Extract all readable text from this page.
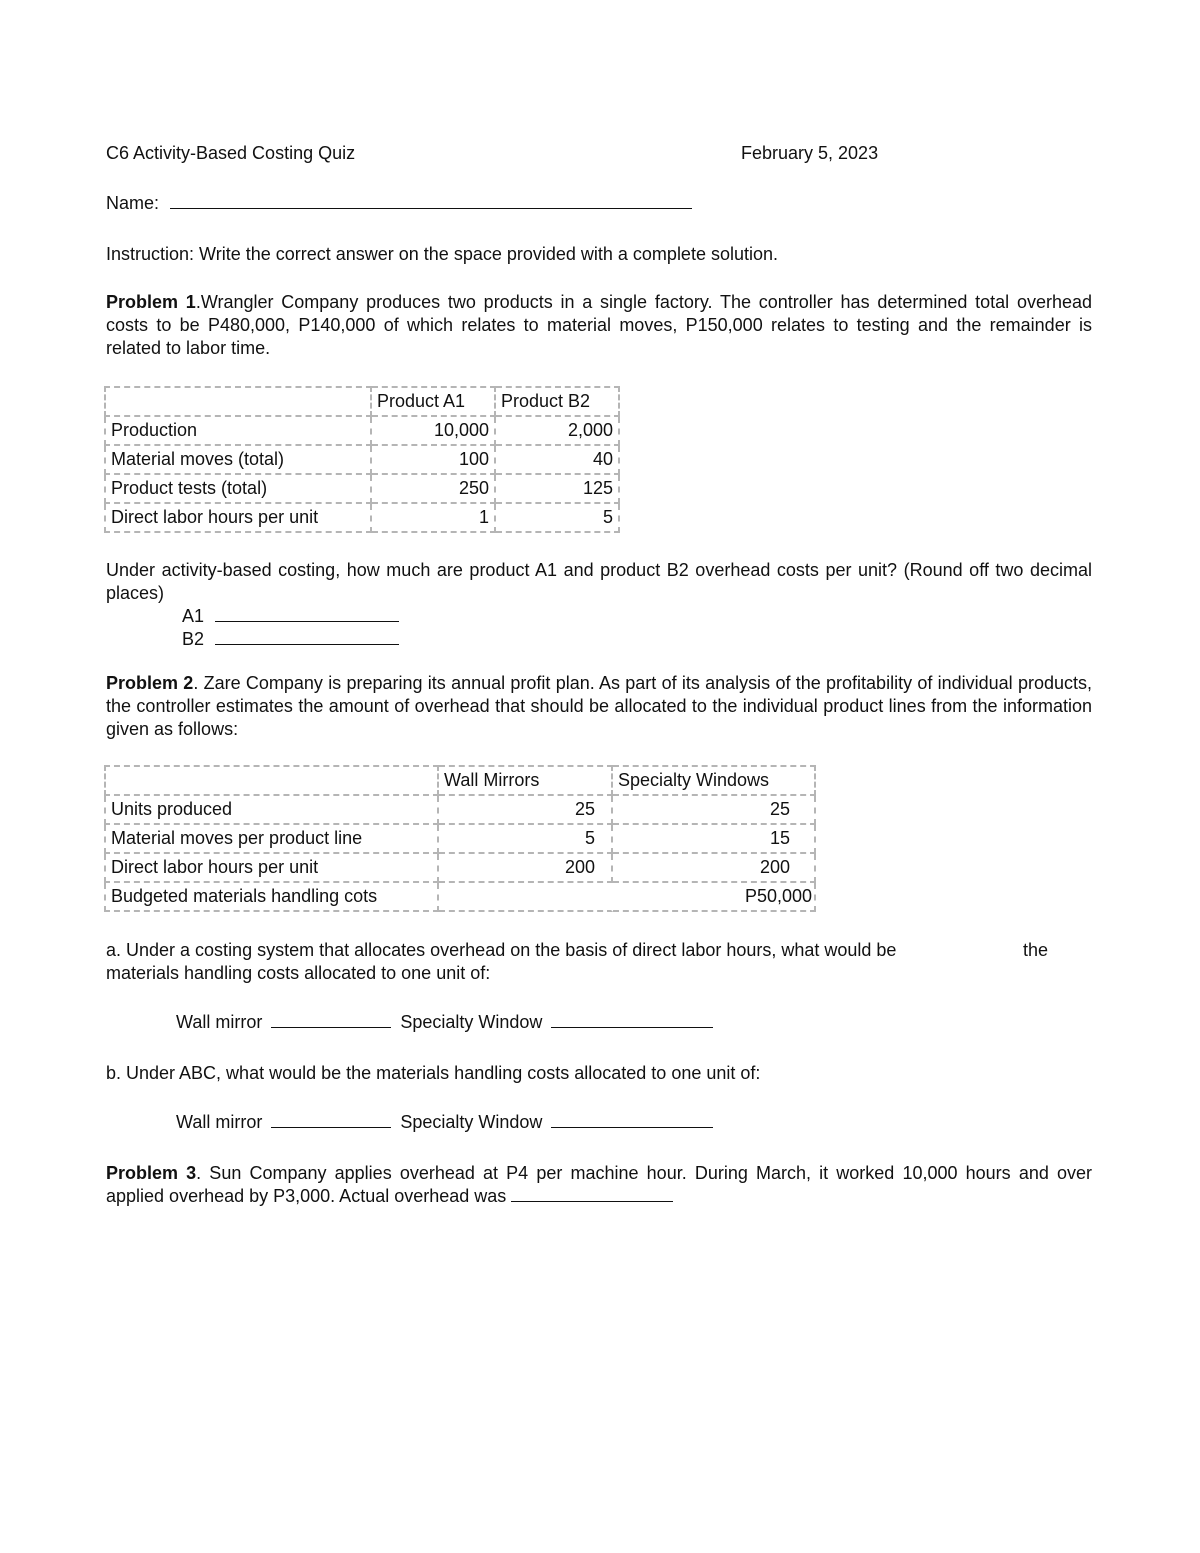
C6 Activity-Based Costing Quiz	February 5, 2023
Name:
Instruction: Write the correct answer on the space provided with a complete solution.
Problem 1.Wrangler Company produces two products in a single factory. The controller has determined total overhead costs to be P480,000, P140,000 of which relates to material moves, P150,000 relates to testing and the remainder is related to labor time.
	Product A1	Product B2
Production	10,000	2,000
Material moves (total)	100	40
Product tests (total)	250	125
Direct labor hours per unit	1	5
Under activity-based costing, how much are product A1 and product B2 overhead costs per unit? (Round off two decimal places)
A1
B2
Problem 2. Zare Company is preparing its annual profit plan. As part of its analysis of the profitability of individual products, the controller estimates the amount of overhead that should be allocated to the individual product lines from the information given as follows:
	Wall Mirrors	Specialty Windows
Units produced	25	25
Material moves per product line	5	15
Direct labor hours per unit	200	200
Budgeted materials handling cots		P50,000
a. Under a costing system that allocates overhead on the basis of direct labor hours, what would be	the
materials handling costs allocated to one unit of:
Wall mirror	Specialty Window
b. Under ABC, what would be the materials handling costs allocated to one unit of:
Wall mirror	Specialty Window
Problem 3. Sun Company applies overhead at P4 per machine hour. During March, it worked 10,000 hours and over applied overhead by P3,000. Actual overhead was
